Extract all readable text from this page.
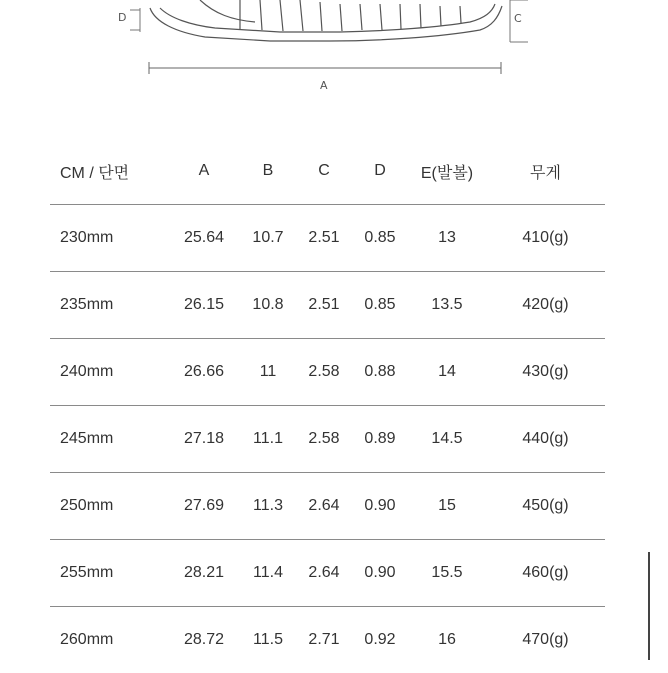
D	C
A
CM / 단면	A	B	C	D	E(발볼)	무게
230mm	25.64	10.7	2.51	0.85	13	410(g)
235mm	26.15	10.8	2.51	0.85	13.5	420(g)
240mm	26.66	11	2.58	0.88	14	430(g)
245mm	27.18	11.1	2.58	0.89	14.5	440(g)
250mm	27.69	11.3	2.64	0.90	15	450(g)
255mm	28.21	11.4	2.64	0.90	15.5	460(g)
260mm	28.72	11.5	2.71	0.92	16	470(g)
